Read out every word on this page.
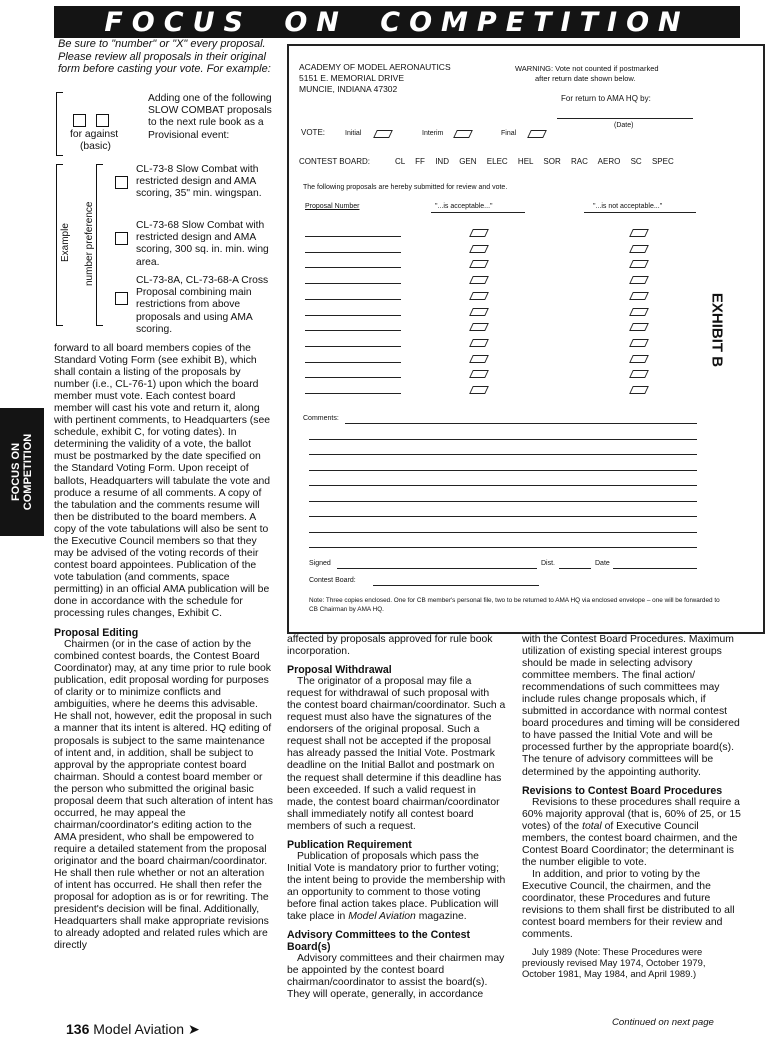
FOCUS ON COMPETITION
FOCUS ON COMPETITION
Be sure to "number" or "X" every proposal. Please review all proposals in their original form before casting your vote. For example:
for against
(basic)
Adding one of the following SLOW COMBAT proposals to the next rule book as a Provisional event:
Example number preference
CL-73-8 Slow Combat with restricted design and AMA scoring, 35" min. wingspan.
CL-73-68 Slow Combat with restricted design and AMA scoring, 300 sq. in. min. wing area.
CL-73-8A, CL-73-68-A Cross Proposal combining main restrictions from above proposals and using AMA scoring.
ACADEMY OF MODEL AERONAUTICS
5151 E. MEMORIAL DRIVE
MUNCIE, INDIANA 47302
WARNING: Vote not counted if postmarked
after return date shown below.
For return to AMA HQ by:
(Date)
VOTE:	Initial	Interim	Final
CONTEST BOARD:	CL FF IND GEN ELEC HEL SOR RAC AERO SC SPEC
The following proposals are hereby submitted for review and vote.
Proposal Number	"...is acceptable..."	"...is not acceptable..."
Comments:
Signed	Dist.	Date
Contest Board:
Note: Three copies enclosed. One for CB member's personal file, two to be returned to AMA HQ via enclosed envelope – one will be forwarded to CB Chairman by AMA HQ.
EXHIBIT B

forward to all board members copies of the Standard Voting Form (see exhibit B), which shall contain a listing of the proposals by number (i.e., CL-76-1) upon which the board member must vote. Each contest board member will cast his vote and return it, along with pertinent comments, to Headquarters (see schedule, exhibit C, for voting dates). In determining the validity of a vote, the ballot must be postmarked by the date specified on the Standard Voting Form. Upon receipt of ballots, Headquarters will tabulate the vote and produce a resume of all comments. A copy of the tabulation and the comments resume will then be distributed to the board members. A copy of the vote tabulations will also be sent to the Executive Council members so that they may be advised of the voting records of their contest board appointees. Publication of the vote tabulation (and comments, space permitting) in an official AMA publication will be done in accordance with the schedule for processing rules changes, Exhibit C.

Proposal Editing

Chairmen (or in the case of action by the combined contest boards, the Contest Board Coordinator) may, at any time prior to rule book publication, edit proposal wording for purposes of clarity or to minimize conflicts and ambiguities, where he deems this advisable. He shall not, however, edit the proposal in such a manner that its intent is altered. HQ editing of proposals is subject to the same maintenance of intent and, in addition, shall be subject to approval by the appropriate contest board chairman. Should a contest board member or the person who submitted the original basic proposal deem that such alteration of intent has occurred, he may appeal the chairman/coordinator's editing action to the AMA president, who shall be empowered to require a detailed statement from the proposal originator and the board chairman/coordinator. He shall then rule whether or not an alteration of intent has occurred. He shall then refer the proposal for adoption as is or for rewriting. The president's decision will be final. Additionally, Headquarters shall make appropriate revisions to already adopted and related rules which are directly

affected by proposals approved for rule book incorporation.

Proposal Withdrawal

The originator of a proposal may file a request for withdrawal of such proposal with the contest board chairman/coordinator. Such a request must also have the signatures of the endorsers of the original proposal. Such a request shall not be accepted if the proposal has already passed the Initial Vote. Postmark deadline on the Initial Ballot and postmark on the request shall determine if this deadline has been exceeded. If such a valid request in made, the contest board chairman/coordinator shall immediately notify all contest board members of such a request.

Publication Requirement

Publication of proposals which pass the Initial Vote is mandatory prior to further voting; the intent being to provide the membership with an opportunity to comment to those voting before final action takes place. Publication will take place in Model Aviation magazine.

Advisory Committees to the Contest Board(s)

Advisory committees and their chairmen may be appointed by the contest board chairman/coordinator to assist the board(s). They will operate, generally, in accordance

with the Contest Board Procedures. Maximum utilization of existing special interest groups should be made in selecting advisory committee members. The final action/ recommendations of such committees may include rules change proposals which, if submitted in accordance with normal contest board procedures and timing will be considered to have passed the Initial Vote and will be processed further by the appropriate board(s). The tenure of advisory committees will be determined by the appointing authority.

Revisions to Contest Board Procedures

Revisions to these procedures shall require a 60% majority approval (that is, 60% of 25, or 15 votes) of the total of Executive Council members, the contest board chairmen, and the Contest Board Coordinator; the determinant is the number eligible to vote.

In addition, and prior to voting by the Executive Council, the chairmen, and the coordinator, these Procedures and future revisions to them shall first be distributed to all contest board members for their review and comments.

July 1989 (Note: These Procedures were previously revised May 1974, October 1979, October 1981, May 1984, and April 1989.)

Continued on next page
136 Model Aviation ➤
